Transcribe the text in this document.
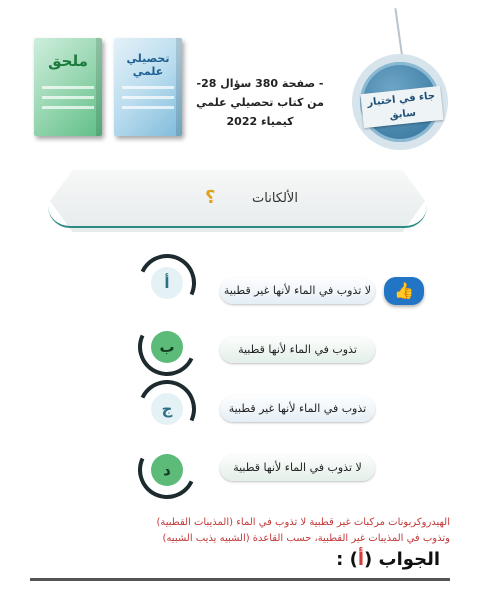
ملحق	تحصيلي علمي
- صفحة 380 سؤال 28-
من كتاب تحصيلي علمي كيمياء 2022
جاء في اختبار
سابق
الألكانات
؟
👍
أ	لا تذوب في الماء لأنها غير قطبية
ب	تذوب في الماء لأنها قطبية
ج	تذوب في الماء لأنها غير قطبية
د	لا تذوب في الماء لأنها قطبية
الهيدروكربونات مركبات غير قطبية لا تذوب في الماء (المذيبات القطبية)
وتذوب في المذيبات غير القطبية، حسب القاعدة (الشبيه يذيب الشبيه)
الجواب (أ) :
